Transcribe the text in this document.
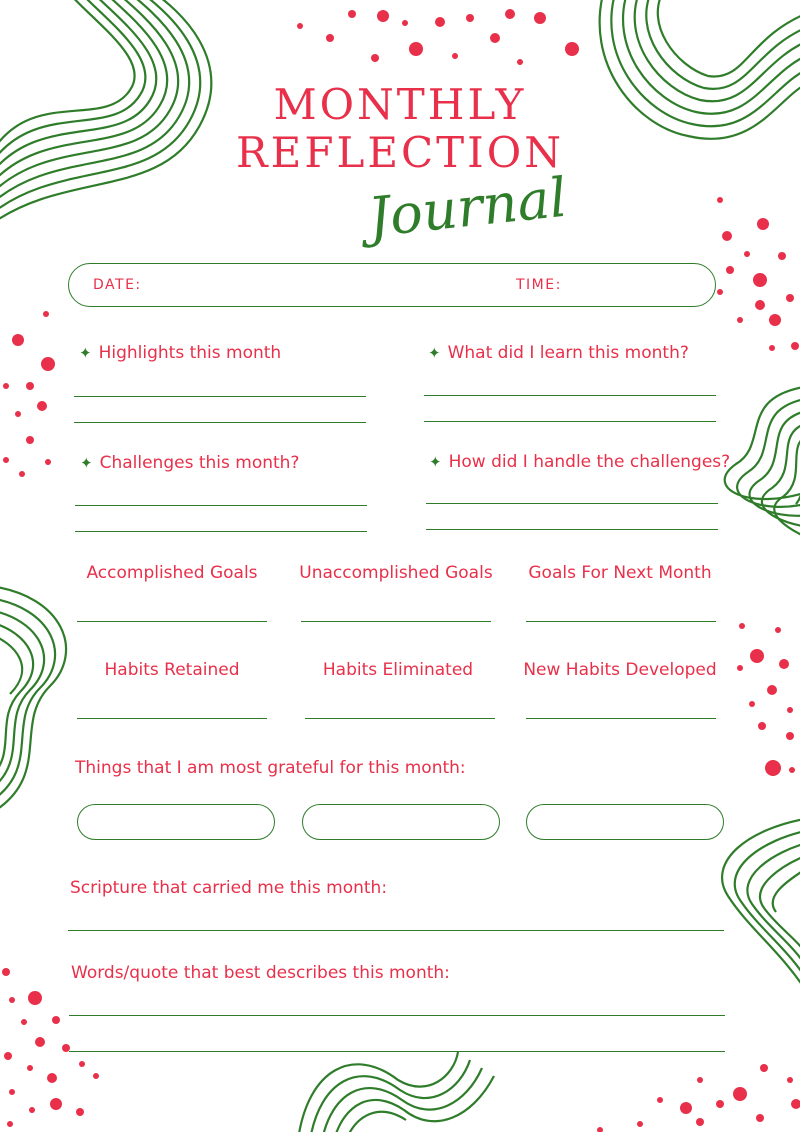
MONTHLY
REFLECTION
Journal
DATE:	TIME:
✦ Highlights this month	✦ What did I learn this month?
✦ Challenges this month?	✦ How did I handle the challenges?
Accomplished Goals	Unaccomplished Goals	Goals For Next Month
Habits Retained	Habits Eliminated	New Habits Developed
Things that I am most grateful for this month:
Scripture that carried me this month:
Words/quote that best describes this month:
